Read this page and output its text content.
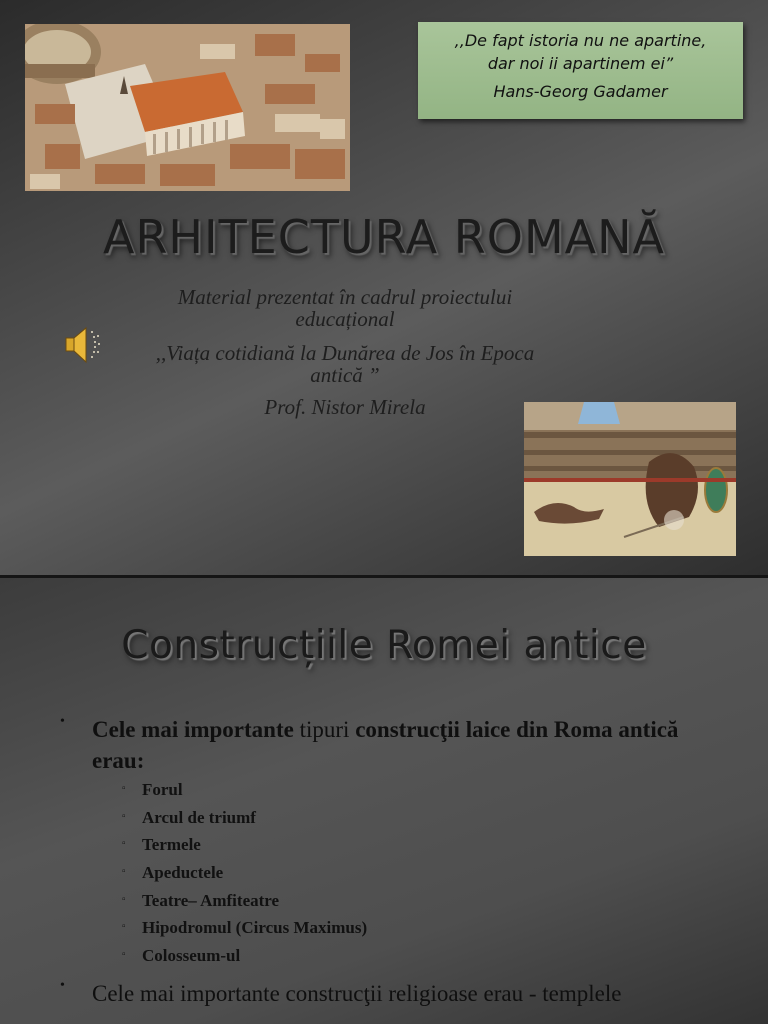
,,De fapt istoria nu ne apartine,
dar noi ii apartinem ei”
Hans-Georg Gadamer
ARHITECTURA ROMANĂ
Material prezentat în cadrul proiectului educațional
,,Viața cotidiană la Dunărea de Jos în Epoca antică ”
Prof. Nistor Mirela
Construcțiile Romei antice
• Cele mai importante tipuri construcţii laice din Roma antică erau:
▫ Forul
▫ Arcul de triumf
▫ Termele
▫ Apeductele
▫ Teatre– Amfiteatre
▫ Hipodromul (Circus Maximus)
▫ Colosseum-ul
• Cele mai importante construcţii religioase erau - templele
